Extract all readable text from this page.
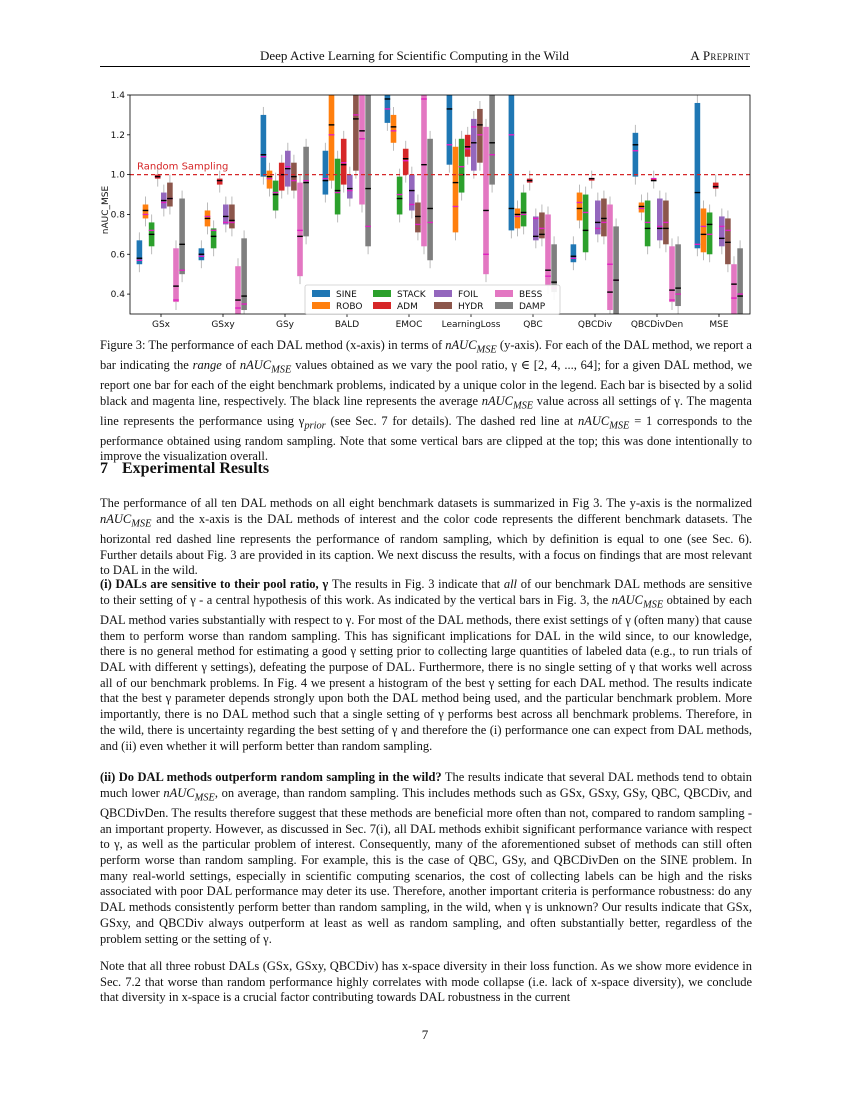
Deep Active Learning for Scientific Computing in the Wild	A Preprint
0.4
0.6
0.8
1.0
1.2
1.4
nAUC_MSE
Random Sampling
GSx	GSxy	GSy	BALD	EMOC LearningLoss	QBC	QBCDiv QBCDivDen	MSE
SINE
ROBO
STACK
ADM
FOIL
HYDR
BESS
DAMP
Figure 3: The performance of each DAL method (x-axis) in terms of nAUC$_{MSE}$ (y-axis). For each of the DAL method, we report a bar indicating the range of nAUC$_{MSE}$ values obtained as we vary the pool ratio, γ ∈ [2, 4, ..., 64]; for a given DAL method, we report one bar for each of the eight benchmark problems, indicated by a unique color in the legend. Each bar is bisected by a solid black and magenta line, respectively. The black line represents the average nAUC$_{MSE}$ value across all settings of γ. The magenta line represents the performance using $\gamma_{prior}$ (see Sec. 7 for details). The dashed red line at nAUC$_{MSE}$ = 1 corresponds to the performance obtained using random sampling. Note that some vertical bars are clipped at the top; this was done intentionally to improve the visualization overall.
7 Experimental Results

The performance of all ten DAL methods on all eight benchmark datasets is summarized in Fig 3. The y-axis is the normalized nAUC$_{MSE}$ and the x-axis is the DAL methods of interest and the color code represents the different benchmark datasets. The horizontal red dashed line represents the performance of random sampling, which by definition is equal to one (see Sec. 6). Further details about Fig. 3 are provided in its caption. We next discuss the results, with a focus on findings that are most relevant to DAL in the wild.

(i) DALs are sensitive to their pool ratio, γ The results in Fig. 3 indicate that all of our benchmark DAL methods are sensitive to their setting of γ - a central hypothesis of this work. As indicated by the vertical bars in Fig. 3, the nAUC$_{MSE}$ obtained by each DAL method varies substantially with respect to γ. For most of the DAL methods, there exist settings of γ (often many) that cause them to perform worse than random sampling. This has significant implications for DAL in the wild since, to our knowledge, there is no general method for estimating a good γ setting prior to collecting large quantities of labeled data (e.g., to run trials of DAL with different γ settings), defeating the purpose of DAL. Furthermore, there is no single setting of γ that works well across all of our benchmark problems. In Fig. 4 we present a histogram of the best γ setting for each DAL method. The results indicate that the best γ parameter depends strongly upon both the DAL method being used, and the particular benchmark problem. More importantly, there is no DAL method such that a single setting of γ performs best across all benchmark problems. Therefore, in the wild, there is uncertainty regarding the best setting of γ and therefore the (i) performance one can expect from DAL methods, and (ii) even whether it will perform better than random sampling.

(ii) Do DAL methods outperform random sampling in the wild? The results indicate that several DAL methods tend to obtain much lower nAUC$_{MSE}$, on average, than random sampling. This includes methods such as GSx, GSxy, GSy, QBC, QBCDiv, and QBCDivDen. The results therefore suggest that these methods are beneficial more often than not, compared to random sampling - an important property. However, as discussed in Sec. 7(i), all DAL methods exhibit significant performance variance with respect to γ, as well as the particular problem of interest. Consequently, many of the aforementioned subset of methods can still often perform worse than random sampling. For example, this is the case of QBC, GSy, and QBCDivDen on the SINE problem. In many real-world settings, especially in scientific computing scenarios, the cost of collecting labels can be high and the risks associated with poor DAL performance may deter its use. Therefore, another important criteria is performance robustness: do any DAL methods consistently perform better than random sampling, in the wild, when γ is unknown? Our results indicate that GSx, GSxy, and QBCDiv always outperform at least as well as random sampling, and often substantially better, regardless of the problem setting or the setting of γ.

Note that all three robust DALs (GSx, GSxy, QBCDiv) has x-space diversity in their loss function. As we show more evidence in Sec. 7.2 that worse than random performance highly correlates with mode collapse (i.e. lack of x-space diversity), we conclude that diversity in x-space is a crucial factor contributing towards DAL robustness in the current

7
